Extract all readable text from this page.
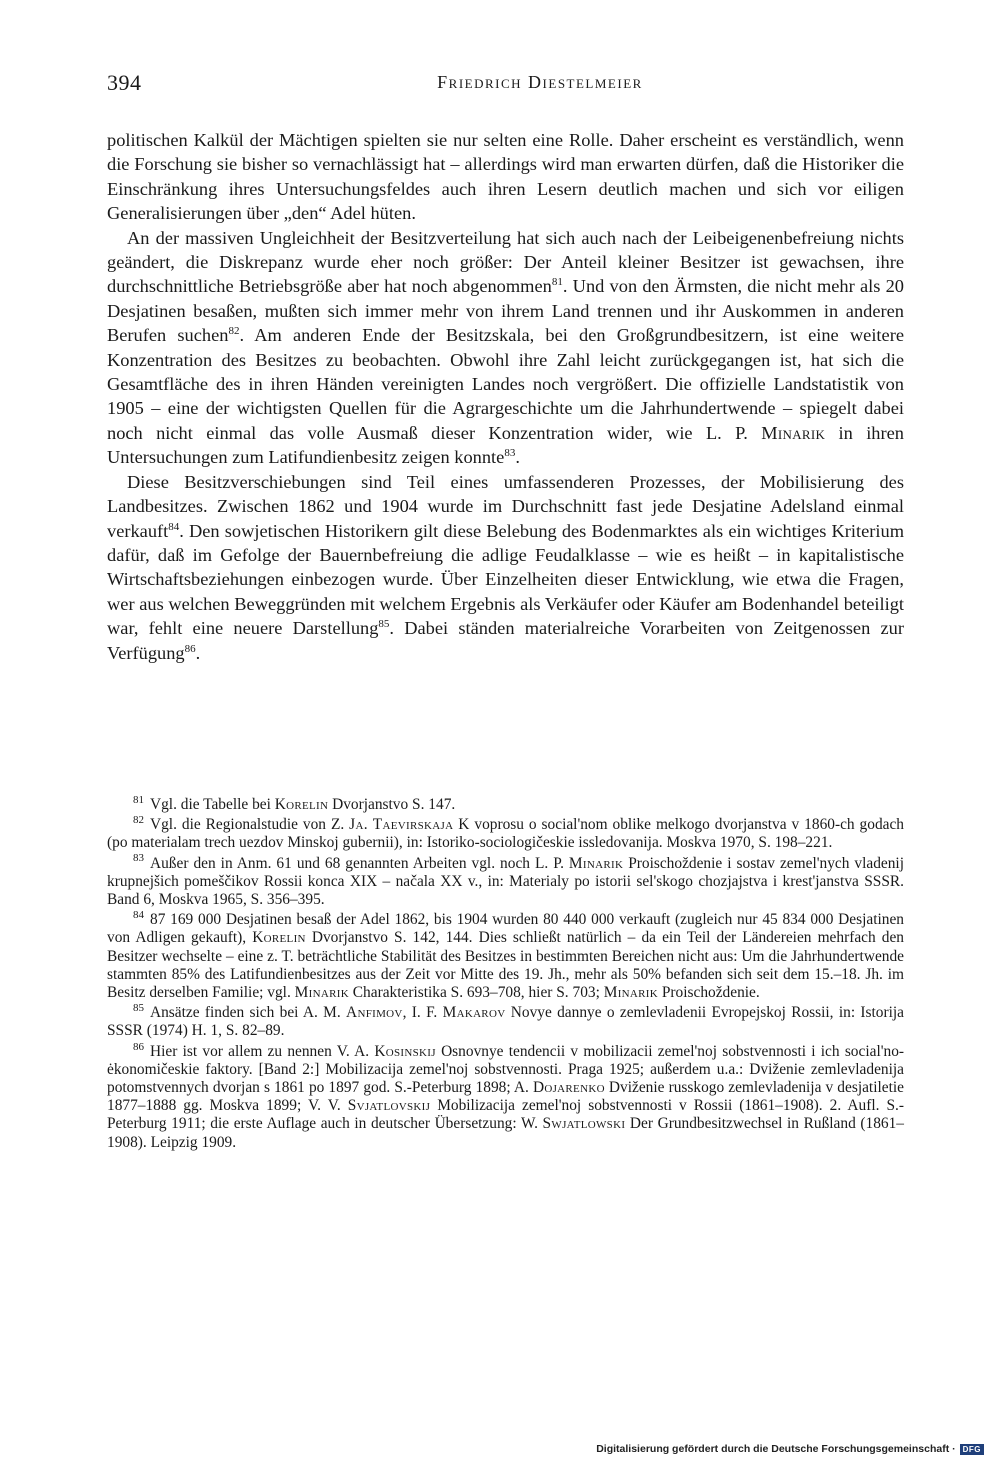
394	Friedrich Diestelmeier

politischen Kalkül der Mächtigen spielten sie nur selten eine Rolle. Daher erscheint es verständlich, wenn die Forschung sie bisher so vernachlässigt hat – allerdings wird man erwarten dürfen, daß die Historiker die Einschränkung ihres Untersuchungsfeldes auch ihren Lesern deutlich machen und sich vor eiligen Generalisierungen über „den“ Adel hüten.

An der massiven Ungleichheit der Besitzverteilung hat sich auch nach der Leibeigenenbefreiung nichts geändert, die Diskrepanz wurde eher noch größer: Der Anteil kleiner Besitzer ist gewachsen, ihre durchschnittliche Betriebsgröße aber hat noch abgenommen$^{81}$. Und von den Ärmsten, die nicht mehr als 20 Desjatinen besaßen, mußten sich immer mehr von ihrem Land trennen und ihr Auskommen in anderen Berufen suchen$^{82}$. Am anderen Ende der Besitzskala, bei den Großgrundbesitzern, ist eine weitere Konzentration des Besitzes zu beobachten. Obwohl ihre Zahl leicht zurückgegangen ist, hat sich die Gesamtfläche des in ihren Händen vereinigten Landes noch vergrößert. Die offizielle Landstatistik von 1905 – eine der wichtigsten Quellen für die Agrargeschichte um die Jahrhundertwende – spiegelt dabei noch nicht einmal das volle Ausmaß dieser Konzentration wider, wie L. P. Minarik in ihren Untersuchungen zum Latifundienbesitz zeigen konnte$^{83}$.

Diese Besitzverschiebungen sind Teil eines umfassenderen Prozesses, der Mobilisierung des Landbesitzes. Zwischen 1862 und 1904 wurde im Durchschnitt fast jede Desjatine Adelsland einmal verkauft$^{84}$. Den sowjetischen Historikern gilt diese Belebung des Bodenmarktes als ein wichtiges Kriterium dafür, daß im Gefolge der Bauernbefreiung die adlige Feudalklasse – wie es heißt – in kapitalistische Wirtschaftsbeziehungen einbezogen wurde. Über Einzelheiten dieser Entwicklung, wie etwa die Fragen, wer aus welchen Beweggründen mit welchem Ergebnis als Verkäufer oder Käufer am Bodenhandel beteiligt war, fehlt eine neuere Darstellung$^{85}$. Dabei ständen materialreiche Vorarbeiten von Zeitgenossen zur Verfügung$^{86}$.

81 Vgl. die Tabelle bei Korelin Dvorjanstvo S. 147.

82 Vgl. die Regionalstudie von Z. Ja. Taevirskaja K voprosu o social'nom oblike melkogo dvorjanstva v 1860-ch godach (po materialam trech uezdov Minskoj gubernii), in: Istoriko-sociologičeskie issledovanija. Moskva 1970, S. 198–221.

83 Außer den in Anm. 61 und 68 genannten Arbeiten vgl. noch L. P. Minarik Proischoždenie i sostav zemel'nych vladenij krupnejšich pomeščikov Rossii konca XIX – načala XX v., in: Materialy po istorii sel'skogo chozjajstva i krest'janstva SSSR. Band 6, Moskva 1965, S. 356–395.

84 87 169 000 Desjatinen besaß der Adel 1862, bis 1904 wurden 80 440 000 verkauft (zugleich nur 45 834 000 Desjatinen von Adligen gekauft), Korelin Dvorjanstvo S. 142, 144. Dies schließt natürlich – da ein Teil der Ländereien mehrfach den Besitzer wechselte – eine z. T. beträchtliche Stabilität des Besitzes in bestimmten Bereichen nicht aus: Um die Jahrhundertwende stammten 85% des Latifundienbesitzes aus der Zeit vor Mitte des 19. Jh., mehr als 50% befanden sich seit dem 15.–18. Jh. im Besitz derselben Familie; vgl. Minarik Charakteristika S. 693–708, hier S. 703; Minarik Proischoždenie.

85 Ansätze finden sich bei A. M. Anfimov, I. F. Makarov Novye dannye o zemlevladenii Evropejskoj Rossii, in: Istorija SSSR (1974) H. 1, S. 82–89.

86 Hier ist vor allem zu nennen V. A. Kosinskij Osnovnye tendencii v mobilizacii zemel'noj sobstvennosti i ich social'no-ėkonomičeskie faktory. [Band 2:] Mobilizacija zemel'noj sobstvennosti. Praga 1925; außerdem u.a.: Dviženie zemlevladenija potomstvennych dvorjan s 1861 po 1897 god. S.-Peterburg 1898; A. Dojarenko Dviženie russkogo zemlevladenija v desjatiletie 1877–1888 gg. Moskva 1899; V. V. Svjatlovskij Mobilizacija zemel'noj sobstvennosti v Rossii (1861–1908). 2. Aufl. S.-Peterburg 1911; die erste Auflage auch in deutscher Übersetzung: W. Swjatlowski Der Grundbesitzwechsel in Rußland (1861–1908). Leipzig 1909.

Digitalisierung gefördert durch die Deutsche Forschungsgemeinschaft · DFG
